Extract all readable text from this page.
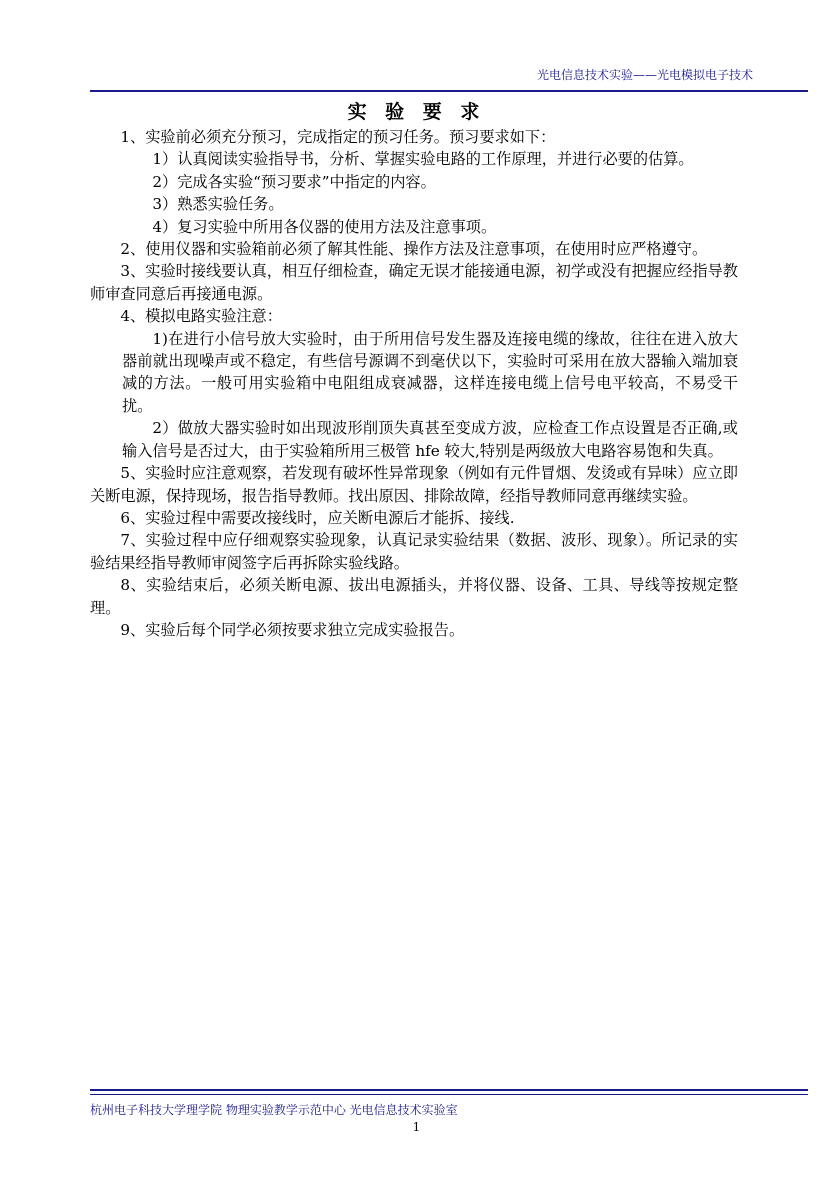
光电信息技术实验——光电模拟电子技术
实 验 要 求

1、实验前必须充分预习，完成指定的预习任务。预习要求如下：

1）认真阅读实验指导书，分析、掌握实验电路的工作原理，并进行必要的估算。

2）完成各实验“预习要求”中指定的内容。

3）熟悉实验任务。

4）复习实验中所用各仪器的使用方法及注意事项。

2、使用仪器和实验箱前必须了解其性能、操作方法及注意事项，在使用时应严格遵守。

3、实验时接线要认真，相互仔细检查，确定无误才能接通电源，初学或没有把握应经指导教师审查同意后再接通电源。

4、模拟电路实验注意：

1)在进行小信号放大实验时，由于所用信号发生器及连接电缆的缘故，往往在进入放大器前就出现噪声或不稳定，有些信号源调不到毫伏以下，实验时可采用在放大器输入端加衰减的方法。一般可用实验箱中电阻组成衰减器，这样连接电缆上信号电平较高，不易受干扰。

2）做放大器实验时如出现波形削顶失真甚至变成方波，应检查工作点设置是否正确,或输入信号是否过大，由于实验箱所用三极管 hfe 较大,特别是两级放大电路容易饱和失真。

5、实验时应注意观察，若发现有破坏性异常现象（例如有元件冒烟、发烫或有异味）应立即关断电源，保持现场，报告指导教师。找出原因、排除故障，经指导教师同意再继续实验。

6、实验过程中需要改接线时，应关断电源后才能拆、接线.

7、实验过程中应仔细观察实验现象，认真记录实验结果（数据、波形、现象）。所记录的实验结果经指导教师审阅签字后再拆除实验线路。

8、实验结束后，必须关断电源、拔出电源插头，并将仪器、设备、工具、导线等按规定整理。

9、实验后每个同学必须按要求独立完成实验报告。

杭州电子科技大学理学院 物理实验教学示范中心 光电信息技术实验室
1
